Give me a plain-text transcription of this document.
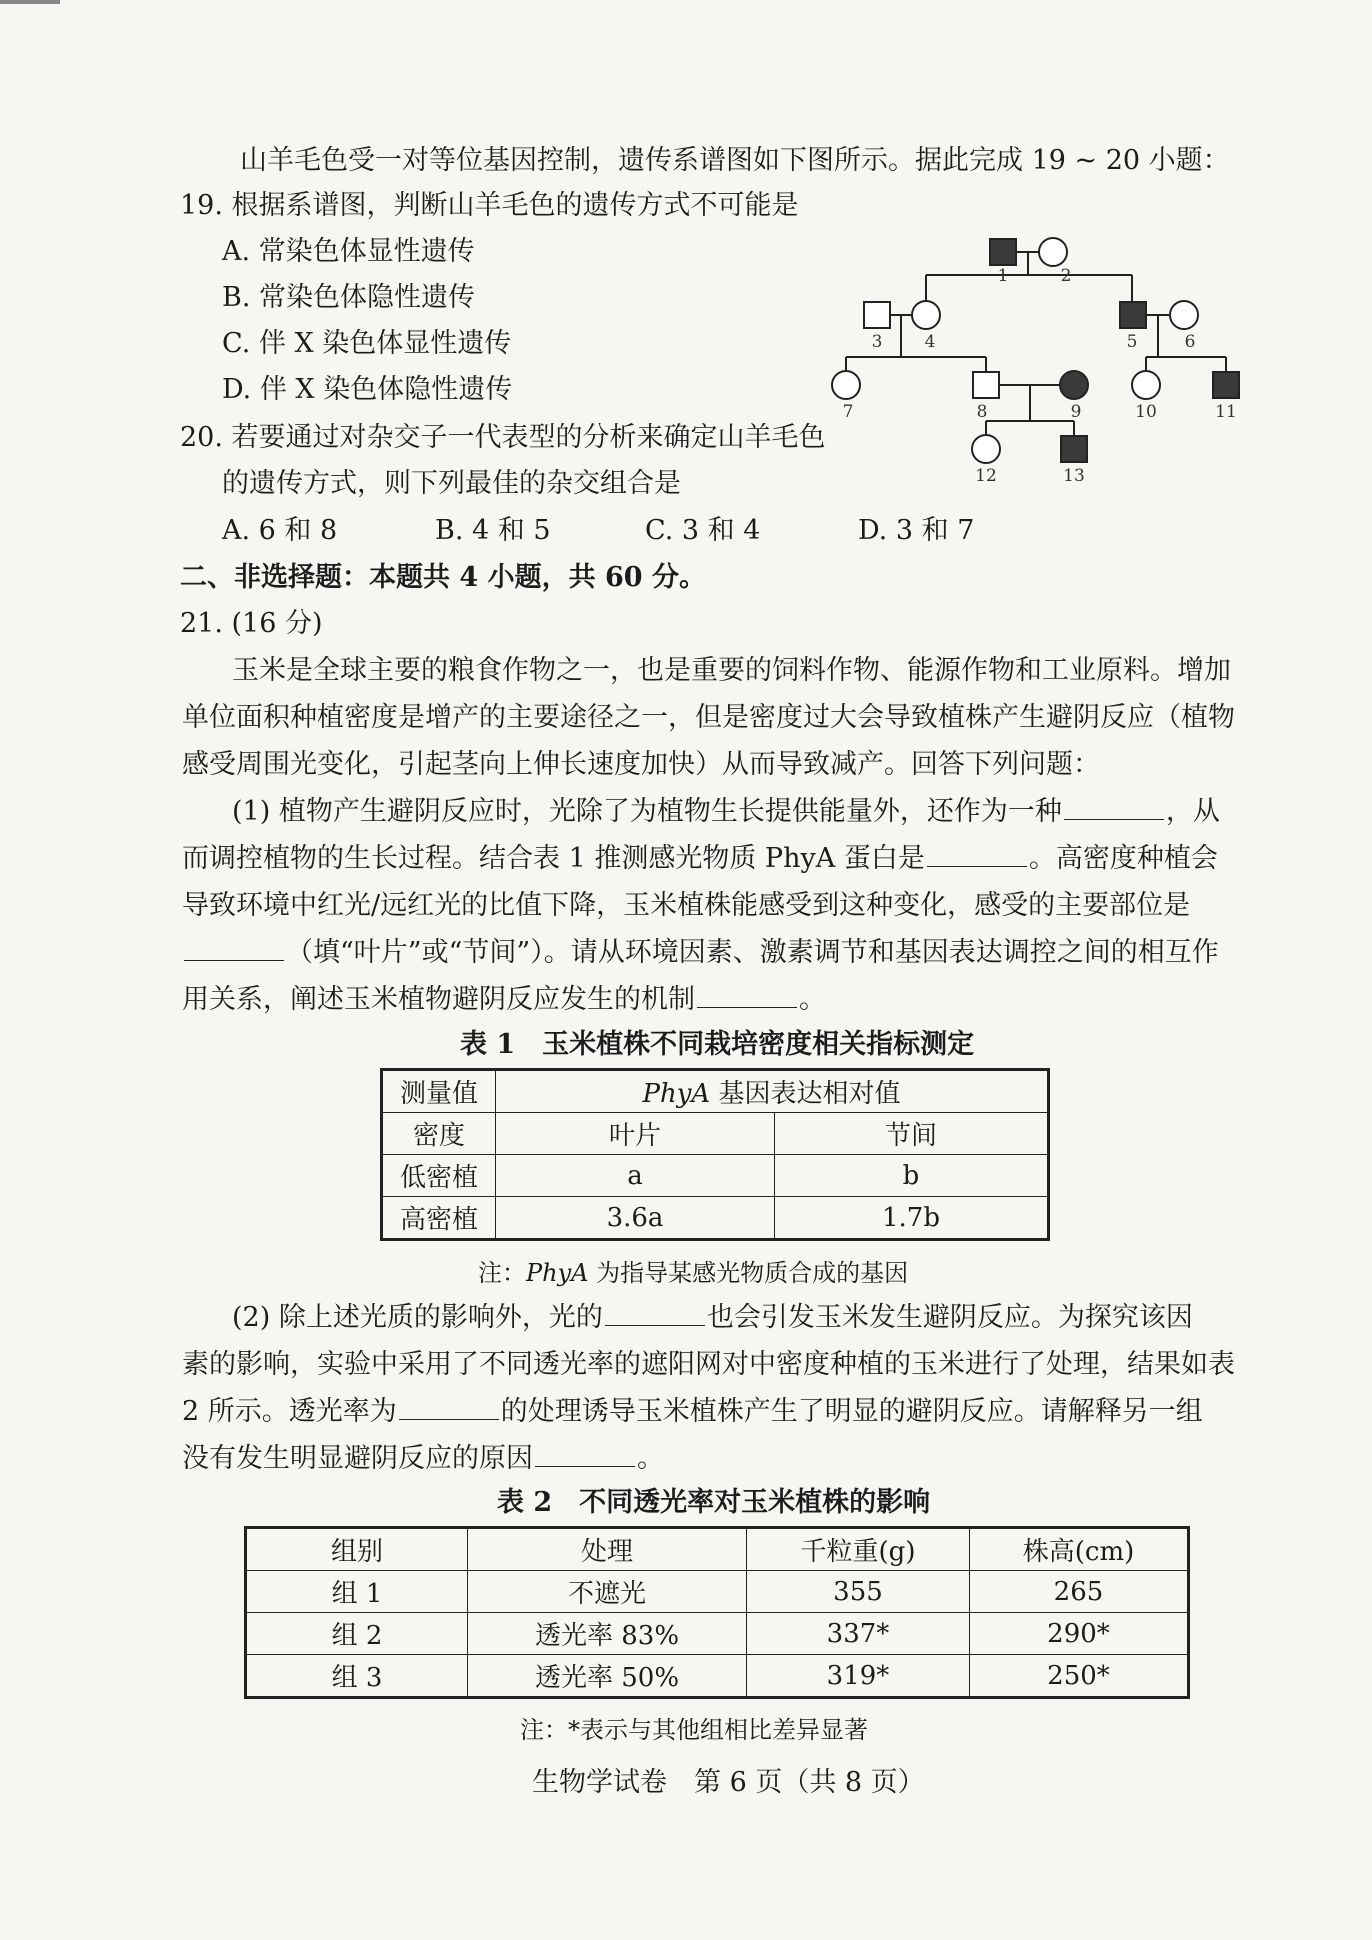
山羊毛色受一对等位基因控制，遗传系谱图如下图所示。据此完成 19 ~ 20 小题：
19. 根据系谱图，判断山羊毛色的遗传方式不可能是
A. 常染色体显性遗传
B. 常染色体隐性遗传
C. 伴 X 染色体显性遗传
D. 伴 X 染色体隐性遗传
20. 若要通过对杂交子一代表型的分析来确定山羊毛色
的遗传方式，则下列最佳的杂交组合是
A. 6 和 8	B. 4 和 5	C. 3 和 4	D. 3 和 7
1	2
3 4	5	6
7	8	9	10	11
12	13
二、非选择题：本题共 4 小题，共 60 分。
21. (16 分)
玉米是全球主要的粮食作物之一，也是重要的饲料作物、能源作物和工业原料。增加
单位面积种植密度是增产的主要途径之一，但是密度过大会导致植株产生避阴反应（植物
感受周围光变化，引起茎向上伸长速度加快）从而导致减产。回答下列问题：
(1) 植物产生避阴反应时，光除了为植物生长提供能量外，还作为一种	，从
而调控植物的生长过程。结合表 1 推测感光物质 PhyA 蛋白是	。高密度种植会
导致环境中红光/远红光的比值下降，玉米植株能感受到这种变化，感受的主要部位是
（填“叶片”或“节间”）。请从环境因素、激素调节和基因表达调控之间的相互作
用关系，阐述玉米植物避阴反应发生的机制	。
表 1　玉米植株不同栽培密度相关指标测定
测量值	PhyA 基因表达相对值	
密度	叶片	节间
低密植	a	b
高密植	3.6a	1.7b
注：PhyA 为指导某感光物质合成的基因
(2) 除上述光质的影响外，光的	也会引发玉米发生避阴反应。为探究该因
素的影响，实验中采用了不同透光率的遮阳网对中密度种植的玉米进行了处理，结果如表
2 所示。透光率为	的处理诱导玉米植株产生了明显的避阴反应。请解释另一组
没有发生明显避阴反应的原因	。
表 2　不同透光率对玉米植株的影响
组别	处理	千粒重(g)	株高(cm)
组 1	不遮光	355	265
组 2	透光率 83%	337*	290*
组 3	透光率 50%	319*	250*
注：*表示与其他组相比差异显著
生物学试卷　第 6 页（共 8 页）
